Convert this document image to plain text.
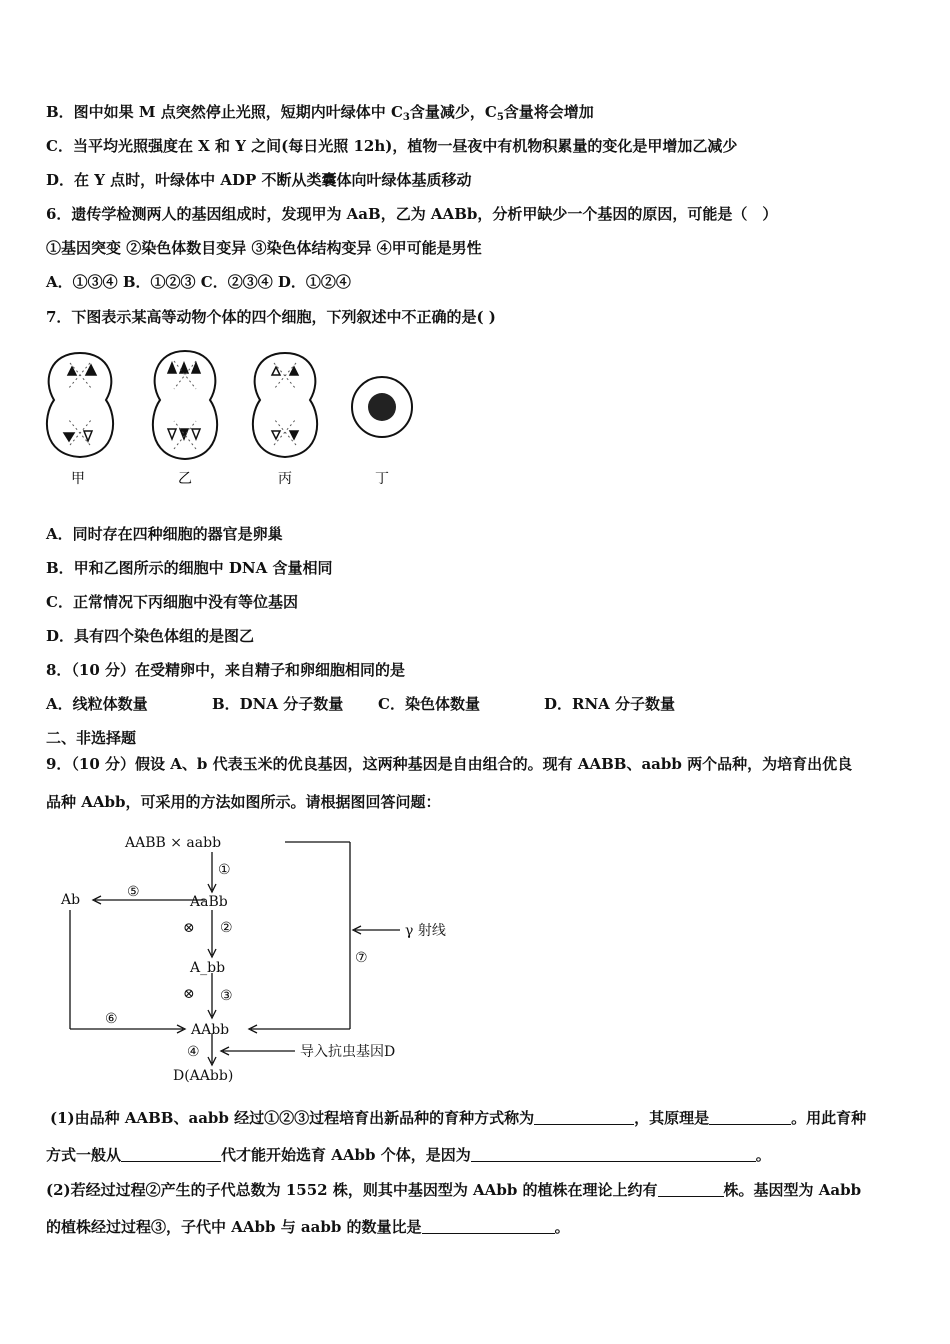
B．图中如果 M 点突然停止光照，短期内叶绿体中 $C_3$含量减少，$C_5$含量将会增加
C．当平均光照强度在 X 和 Y 之间(每日光照 12h)，植物一昼夜中有机物积累量的变化是甲增加乙减少
D．在 Y 点时，叶绿体中 ADP 不断从类囊体向叶绿体基质移动
6．遗传学检测两人的基因组成时，发现甲为 AaB，乙为 AABb，分析甲缺少一个基因的原因，可能是（　）
①基因突变 ②染色体数目变异 ③染色体结构变异 ④甲可能是男性
A．①③④ B．①②③ C．②③④ D．①②④
7．下图表示某高等动物个体的四个细胞，下列叙述中不正确的是( )
甲	乙	丙	丁
A．同时存在四种细胞的器官是卵巢
B．甲和乙图所示的细胞中 DNA 含量相同
C．正常情况下丙细胞中没有等位基因
D．具有四个染色体组的是图乙
8．（10 分）在受精卵中，来自精子和卵细胞相同的是
A．线粒体数量	B．DNA 分子数量 C．染色体数量	D．RNA 分子数量
二、非选择题
9．（10 分）假设 A、b 代表玉米的优良基因，这两种基因是自由组合的。现有 AABB、aabb 两个品种，为培育出优良
品种 AAbb，可采用的方法如图所示。请根据图回答问题：
AABB × aabb
①
AaBb
⊗ ②
A_bb
⊗ ③
AAbb
④
D(AAbb)
Ab	⑤
⑥
⑦
γ 射线
导入抗虫基因D
(1)由品种 AABB、aabb 经过①②③过程培育出新品种的育种方式称为	，其原理是	。用此育种
方式一般从	代才能开始选育 AAbb 个体，是因为	。
(2)若经过过程②产生的子代总数为 1552 株，则其中基因型为 AAbb 的植株在理论上约有	株。基因型为 Aabb
的植株经过过程③，子代中 AAbb 与 aabb 的数量比是	。
